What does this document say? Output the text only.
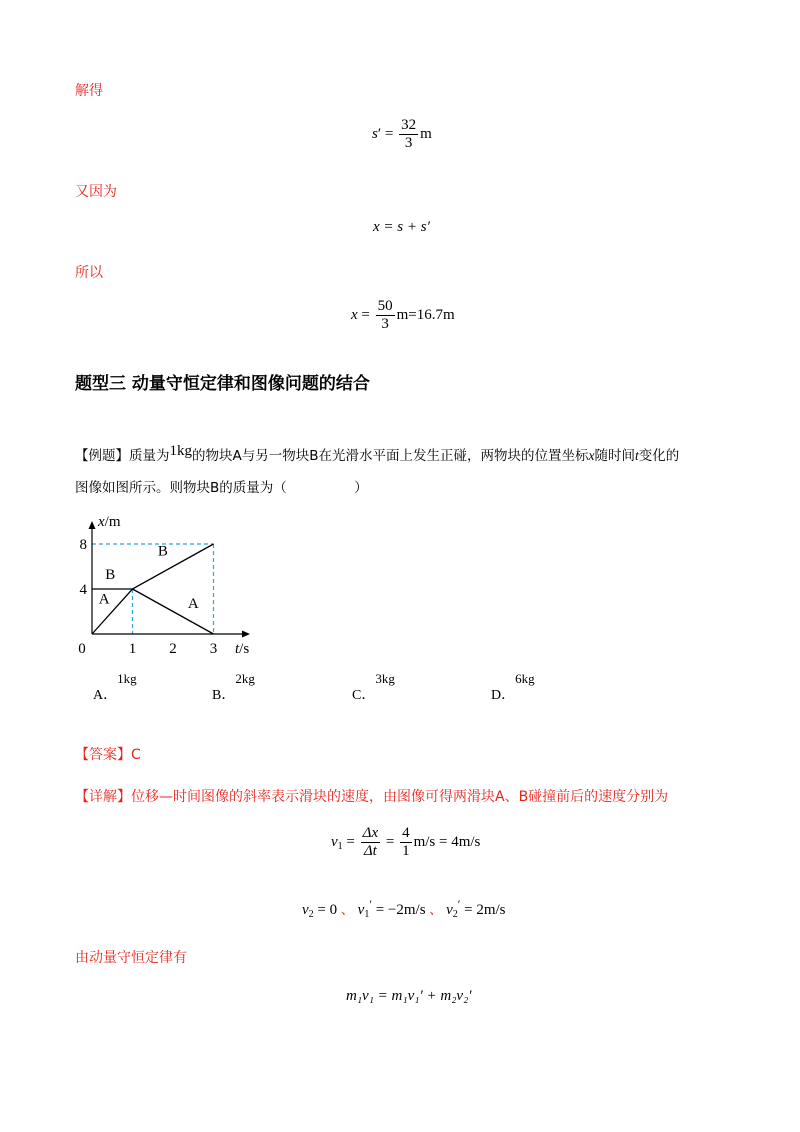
解得
$s' = \frac{32}{3}$ m
又因为
x = s + s′
所以
$x = \frac{50}{3} m=16.7m$
题型三 动量守恒定律和图像问题的结合
【例题】质量为1kg的物块A与另一物块B在光滑水平面上发生正碰，两物块的位置坐标x随时间t变化的
图像如图所示。则物块B的质量为（　　　　　）
x/m
t/s
0	1 2 3
4
8
A
B
B
A
A．$^{1kg}$
B．$^{2kg}$
C．$^{3kg}$
D．$^{6kg}$
【答案】C
【详解】位移—时间图像的斜率表示滑块的速度，由图像可得两滑块A、B碰撞前后的速度分别为
$v_1 = \frac{\Delta x}{\Delta t} = \frac{4}{1} m/s = 4m/s$
$v_2 = 0$ 、 $v_1' = -2m/s$ 、 $v_2' = 2m/s$
由动量守恒定律有
m₁v₁ = m₁v₁′ + m₂v₂′
